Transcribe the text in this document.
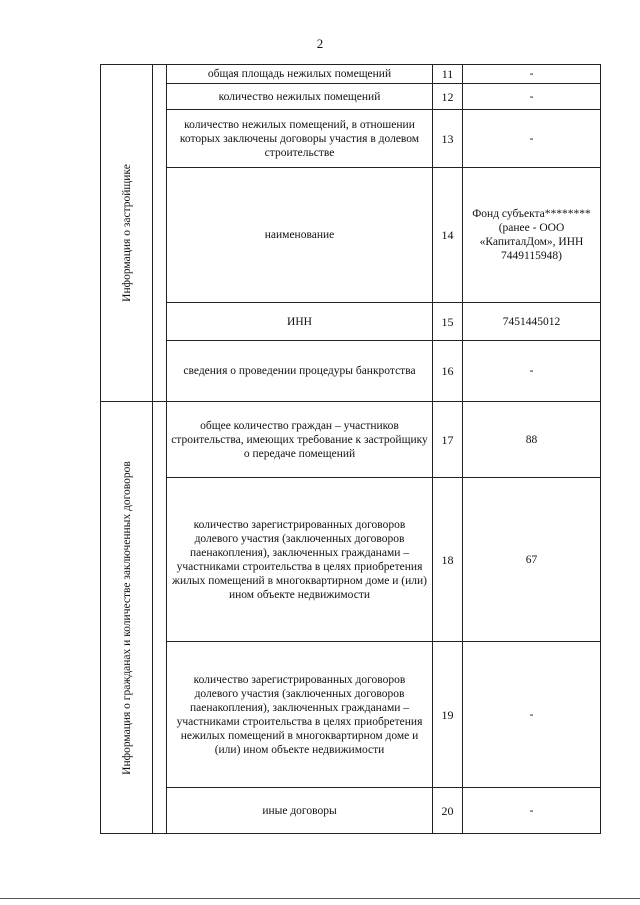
2
Информация о застройщике		общая площадь нежилых помещений	11	-
		количество нежилых помещений	12	-
		количество нежилых помещений, в отношении которых заключены договоры участия в долевом строительстве	13	-
		наименование	14	Фонд субъекта******** (ранее - ООО «КапиталДом», ИНН 7449115948)
		ИНН	15	7451445012
		сведения о проведении процедуры банкротства	16	-

Информация о гражданах и количестве заключенных договоров		общее количество граждан – участников строительства, имеющих требование к застройщику о передаче помещений	17	88
		количество зарегистрированных договоров долевого участия (заключенных договоров паенакопления), заключенных гражданами – участниками строительства в целях приобретения жилых помещений в многоквартирном доме и (или) ином объекте недвижимости	18	67
		количество зарегистрированных договоров долевого участия (заключенных договоров паенакопления), заключенных гражданами – участниками строительства в целях приобретения нежилых помещений в многоквартирном доме и (или) ином объекте недвижимости	19	-
		иные договоры	20	-
